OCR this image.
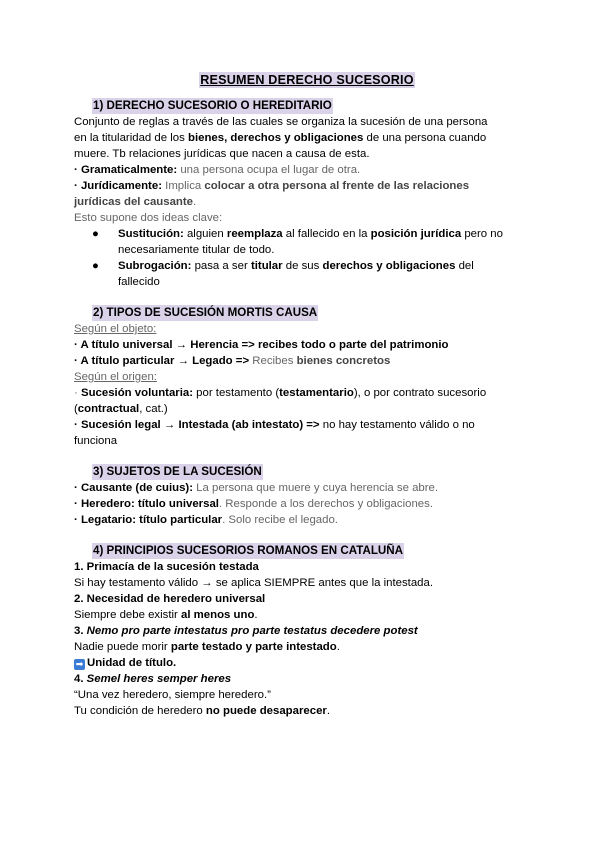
RESUMEN DERECHO SUCESORIO
1) DERECHO SUCESORIO O HEREDITARIO

Conjunto de reglas a través de las cuales se organiza la sucesión de una persona

en la titularidad de los bienes, derechos y obligaciones de una persona cuando

muere. Tb relaciones jurídicas que nacen a causa de esta.

· Gramaticalmente: una persona ocupa el lugar de otra.

· Jurídicamente: Implica colocar a otra persona al frente de las relaciones

jurídicas del causante.

Esto supone dos ideas clave:

● Sustitución: alguien reemplaza al fallecido en la posición jurídica pero no
necesariamente titular de todo.
● Subrogación: pasa a ser titular de sus derechos y obligaciones del
fallecido
2) TIPOS DE SUCESIÓN MORTIS CAUSA

Según el objeto:

· A título universal → Herencia => recibes todo o parte del patrimonio

· A título particular → Legado => Recibes bienes concretos

Según el origen:

· Sucesión voluntaria: por testamento (testamentario), o por contrato sucesorio

(contractual, cat.)

· Sucesión legal → Intestada (ab intestato) => no hay testamento válido o no

funciona

3) SUJETOS DE LA SUCESIÓN

· Causante (de cuius): La persona que muere y cuya herencia se abre.

· Heredero: título universal. Responde a los derechos y obligaciones.

· Legatario: título particular. Solo recibe el legado.

4) PRINCIPIOS SUCESORIOS ROMANOS EN CATALUÑA

1. Primacía de la sucesión testada

Si hay testamento válido → se aplica SIEMPRE antes que la intestada.

2. Necesidad de heredero universal

Siempre debe existir al menos uno.

3. Nemo pro parte intestatus pro parte testatus decedere potest

Nadie puede morir parte testado y parte intestado.

➡ Unidad de título.

4. Semel heres semper heres

“Una vez heredero, siempre heredero.”

Tu condición de heredero no puede desaparecer.
